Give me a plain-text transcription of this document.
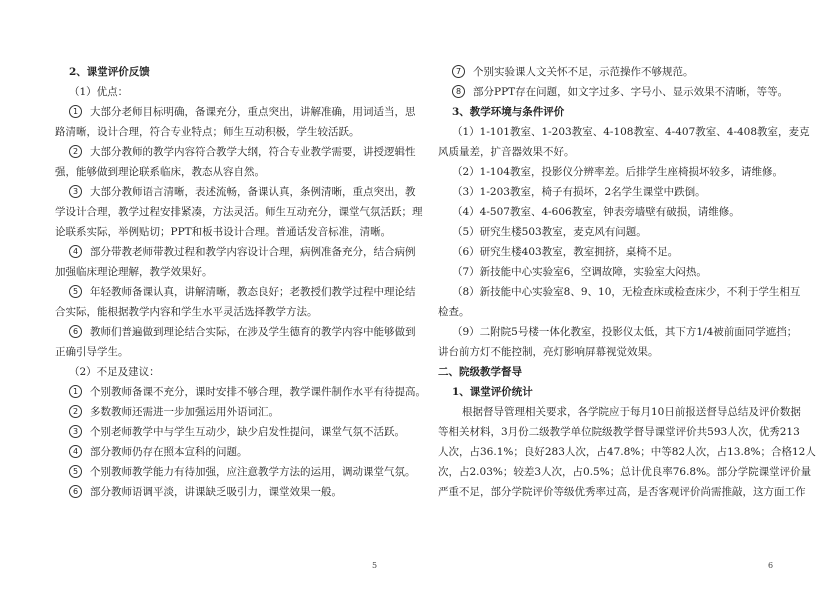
2、课堂评价反馈
（1）优点：
1 大部分老师目标明确，备课充分，重点突出，讲解准确，用词适当，思
路清晰，设计合理，符合专业特点；师生互动积极，学生较活跃。
2 大部分教师的教学内容符合教学大纲，符合专业教学需要，讲授逻辑性
强，能够做到理论联系临床，教态从容自然。
3 大部分教师语言清晰，表述流畅，备课认真，条例清晰，重点突出，教
学设计合理，教学过程安排紧凑，方法灵活。师生互动充分，课堂气氛活跃；理
论联系实际，举例贴切；PPT和板书设计合理。普通话发音标准，清晰。
4 部分带教老师带教过程和教学内容设计合理，病例准备充分，结合病例
加强临床理论理解，教学效果好。
5 年轻教师备课认真，讲解清晰，教态良好；老教授们教学过程中理论结
合实际，能根据教学内容和学生水平灵活选择教学方法。
6 教师们普遍做到理论结合实际，在涉及学生德育的教学内容中能够做到
正确引导学生。
（2）不足及建议：
1 个别教师备课不充分，课时安排不够合理，教学课件制作水平有待提高。
2 多数教师还需进一步加强运用外语词汇。
3 个别老师教学中与学生互动少，缺少启发性提问，课堂气氛不活跃。
4 部分教师仍存在照本宣科的问题。
5 个别教师教学能力有待加强，应注意教学方法的运用，调动课堂气氛。
6 部分教师语调平淡，讲课缺乏吸引力，课堂效果一般。
5
7 个别实验课人文关怀不足，示范操作不够规范。
8 部分PPT存在问题，如文字过多、字号小、显示效果不清晰，等等。
3、教学环境与条件评价
（1）1-101教室、1-203教室、4-108教室、4-407教室、4-408教室，麦克
风质量差，扩音器效果不好。
（2）1-104教室，投影仪分辨率差。后排学生座椅损坏较多，请维修。
（3）1-203教室，椅子有损坏，2名学生课堂中跌倒。
（4）4-507教室、4-606教室，钟表旁墙壁有破损，请维修。
（5）研究生楼503教室，麦克风有问题。
（6）研究生楼403教室，教室拥挤，桌椅不足。
（7）新技能中心实验室6，空调故障，实验室大闷热。
（8）新技能中心实验室8、9、10，无检查床或检查床少，不利于学生相互
检查。
（9）二附院5号楼一体化教室，投影仪太低，其下方1/4被前面同学遮挡；
讲台前方灯不能控制，亮灯影响屏幕视觉效果。
二、院级教学督导
1、课堂评价统计
根据督导管理相关要求，各学院应于每月10日前报送督导总结及评价数据
等相关材料，3月份二级教学单位院级教学督导课堂评价共593人次，优秀213
人次，占36.1%；良好283人次，占47.8%；中等82人次，占13.8%；合格12人
次，占2.03%；较差3人次，占0.5%；总计优良率76.8%。部分学院课堂评价量
严重不足，部分学院评价等级优秀率过高，是否客观评价尚需推敲，这方面工作
6
